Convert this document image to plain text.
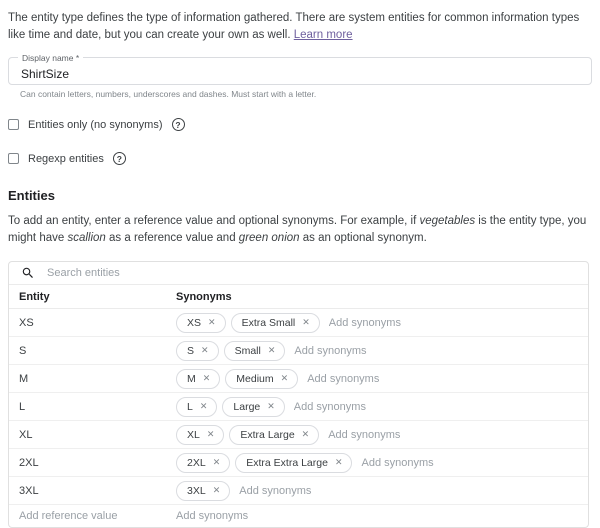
The entity type defines the type of information gathered. There are system entities for common information types like time and date, but you can create your own as well. Learn more

Display name *
ShirtSize
Can contain letters, numbers, underscores and dashes. Must start with a letter.
Entities only (no synonyms)	?
Regexp entities	?
Entities

To add an entity, enter a reference value and optional synonyms. For example, if vegetables is the entity type, you might have scallion as a reference value and green onion as an optional synonym.

Search entities
Entity	Synonyms
XS	XS ✕ Extra Small ✕
Add synonyms
S	S ✕ Small ✕
Add synonyms
M	M ✕ Medium ✕
Add synonyms
L	L ✕ Large ✕
Add synonyms
XL	XL ✕ Extra Large ✕
Add synonyms
2XL	2XL ✕ Extra Extra Large ✕
Add synonyms
3XL	3XL ✕
Add synonyms
Add reference value
Add synonyms
